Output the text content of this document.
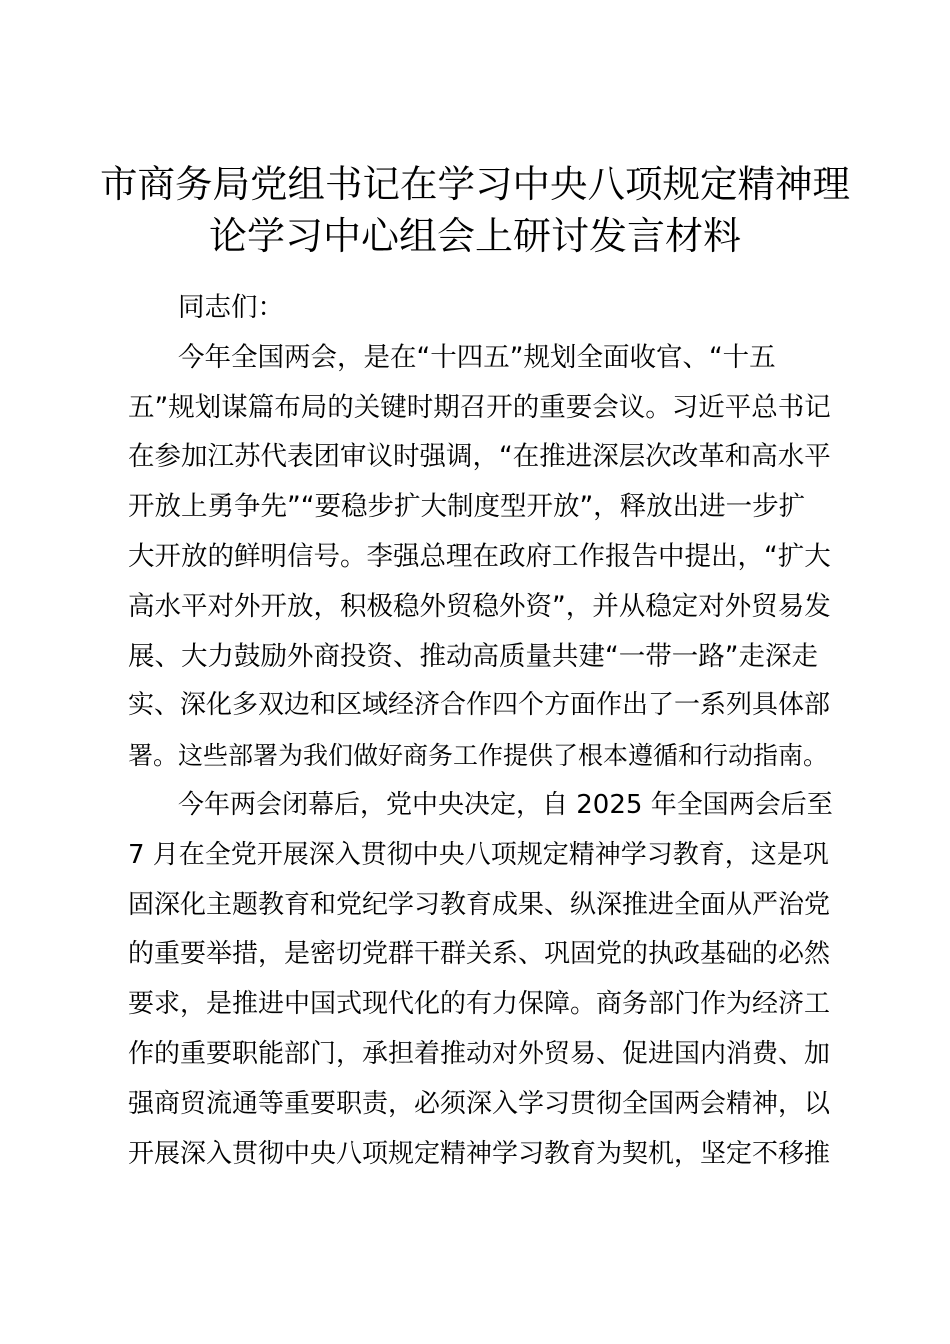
市商务局党组书记在学习中央八项规定精神理
论学习中心组会上研讨发言材料
同志们：
今年全国两会，是在“十四五”规划全面收官、“十五
五”规划谋篇布局的关键时期召开的重要会议。习近平总书记
在参加江苏代表团审议时强调，“在推进深层次改革和高水平
开放上勇争先”“要稳步扩大制度型开放”，释放出进一步扩
大开放的鲜明信号。李强总理在政府工作报告中提出，“扩大
高水平对外开放，积极稳外贸稳外资”，并从稳定对外贸易发
展、大力鼓励外商投资、推动高质量共建“一带一路”走深走
实、深化多双边和区域经济合作四个方面作出了一系列具体部
署。这些部署为我们做好商务工作提供了根本遵循和行动指南。
今年两会闭幕后，党中央决定，自 2025 年全国两会后至
7 月在全党开展深入贯彻中央八项规定精神学习教育，这是巩
固深化主题教育和党纪学习教育成果、纵深推进全面从严治党
的重要举措，是密切党群干群关系、巩固党的执政基础的必然
要求，是推进中国式现代化的有力保障。商务部门作为经济工
作的重要职能部门，承担着推动对外贸易、促进国内消费、加
强商贸流通等重要职责，必须深入学习贯彻全国两会精神，以
开展深入贯彻中央八项规定精神学习教育为契机，坚定不移推
